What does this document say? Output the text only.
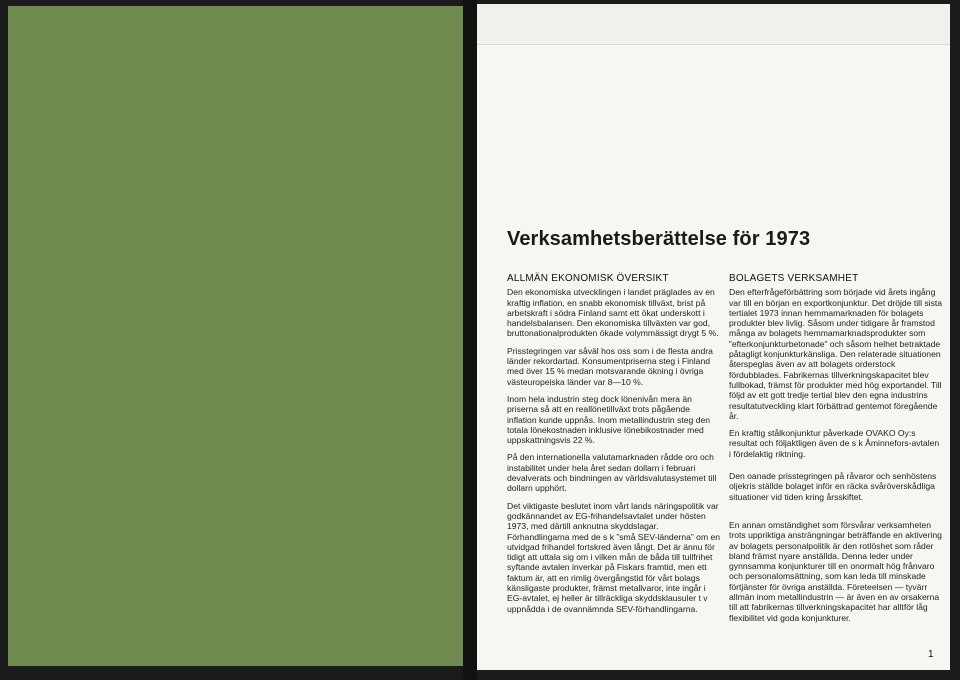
Verksamhetsberättelse för 1973
ALLMÄN EKONOMISK ÖVERSIKT

Den ekonomiska utvecklingen i landet präglades av en kraftig inflation, en snabb ekonomisk tillväxt, brist på arbetskraft i södra Finland samt ett ökat underskott i handelsbalansen. Den ekonomiska tillväxten var god, bruttonationalprodukten ökade volymmässigt drygt 5 %.

Prisstegringen var såväl hos oss som i de flesta andra länder rekordartad. Konsumentpriserna steg i Finland med över 15 % medan motsvarande ökning i övriga västeuropeiska länder var 8—10 %.

Inom hela industrin steg dock lönenivån mera än priserna så att en reallönetillväxt trots pågående inflation kunde uppnås. Inom metallindustrin steg den totala lönekostnaden inklusive lönebikostnader med uppskattningsvis 22 %.

På den internationella valutamarknaden rådde oro och instabilitet under hela året sedan dollarn i februari devalverats och bindningen av världsvalutasystemet till dollarn upphört.

Det viktigaste beslutet inom vårt lands näringspolitik var godkännandet av EG-frihandelsavtalet under hösten 1973, med därtill anknutna skyddslagar. Förhandlingarna med de s k ”små SEV-länderna” om en utvidgad frihandel fortskred även långt. Det är ännu för tidigt att uttala sig om i vilken mån de båda till tullfrihet syftande avtalen inverkar på Fiskars framtid, men ett faktum är, att en rimlig övergångstid för vårt bolags känsligaste produkter, främst metallvaror, inte ingår i EG-avtalet, ej heller är tillräckliga skyddsklausuler t v uppnådda i de ovannämnda SEV-förhandlingarna.

BOLAGETS VERKSAMHET

Den efterfrågeförbättring som började vid årets ingång var till en början en exportkonjunktur. Det dröjde till sista tertialet 1973 innan hemmamarknaden för bolagets produkter blev livlig. Såsom under tidigare år framstod många av bolagets hemmamarknadsprodukter som ”efterkonjunkturbetonade” och såsom helhet betraktade påtagligt konjunkturkänsliga. Den relaterade situationen återspeglas även av att bolagets orderstock fördubblades. Fabrikernas tillverkningskapacitet blev fullbokad, främst för produkter med hög exportandel. Till följd av ett gott tredje tertial blev den egna industrins resultatutveckling klart förbättrad gentemot föregående år.

En kraftig stålkonjunktur påverkade OVAKO Oy:s resultat och följaktligen även de s k Åminnefors-avtalen i fördelaktig riktning.

Den oanade prisstegringen på råvaror och senhöstens oljekris ställde bolaget inför en räcka svåröverskådliga situationer vid tiden kring årsskiftet.

En annan omständighet som försvårar verksamheten trots uppriktiga ansträngningar beträffande en aktivering av bolagets personalpolitik är den rotlöshet som råder bland främst nyare anställda. Denna leder under gynnsamma konjunkturer till en onormalt hög frånvaro och personalomsättning, som kan leda till minskade förtjänster för övriga anställda. Företeelsen — tyvärr allmän inom metallindustrin — är även en av orsakerna till att fabrikernas tillverkningskapacitet har alltför låg flexibilitet vid goda konjunkturer.

1
